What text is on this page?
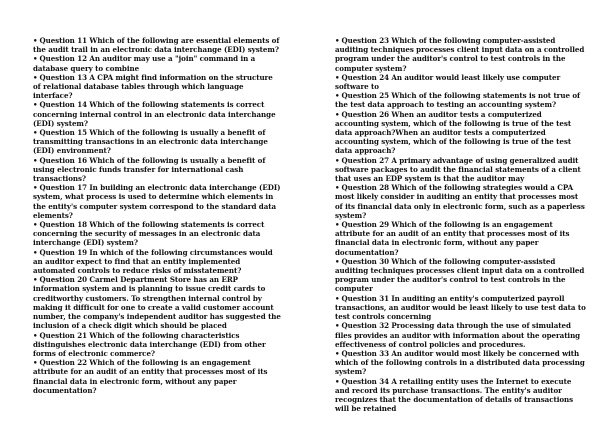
• Question 11 Which of the following are essential elements of the audit trail in an electronic data interchange (EDI) system?

• Question 12 An auditor may use a "join" command in a database query to combine

• Question 13 A CPA might find information on the structure of relational database tables through which language interface?

• Question 14 Which of the following statements is correct concerning internal control in an electronic data interchange (EDI) system?

• Question 15 Which of the following is usually a benefit of transmitting transactions in an electronic data interchange (EDI) environment?

• Question 16 Which of the following is usually a benefit of using electronic funds transfer for international cash transactions?

• Question 17 In building an electronic data interchange (EDI) system, what process is used to determine which elements in the entity's computer system correspond to the standard data elements?

• Question 18 Which of the following statements is correct concerning the security of messages in an electronic data interchange (EDI) system?

• Question 19 In which of the following circumstances would an auditor expect to find that an entity implemented automated controls to reduce risks of misstatement?

• Question 20 Carmel Department Store has an ERP information system and is planning to issue credit cards to creditworthy customers. To strengthen internal control by making it difficult for one to create a valid customer account number, the company's independent auditor has suggested the inclusion of a check digit which should be placed

• Question 21 Which of the following characteristics distinguishes electronic data interchange (EDI) from other forms of electronic commerce?

• Question 22 Which of the following is an engagement attribute for an audit of an entity that processes most of its financial data in electronic form, without any paper documentation?

• Question 23 Which of the following computer-assisted auditing techniques processes client input data on a controlled program under the auditor's control to test controls in the computer system?

• Question 24 An auditor would least likely use computer software to

• Question 25 Which of the following statements is not true of the test data approach to testing an accounting system?

• Question 26 When an auditor tests a computerized accounting system, which of the following is true of the test data approach?When an auditor tests a computerized accounting system, which of the following is true of the test data approach?

• Question 27 A primary advantage of using generalized audit software packages to audit the financial statements of a client that uses an EDP system is that the auditor may

• Question 28 Which of the following strategies would a CPA most likely consider in auditing an entity that processes most of its financial data only in electronic form, such as a paperless system?

• Question 29 Which of the following is an engagement attribute for an audit of an entity that processes most of its financial data in electronic form, without any paper documentation?

• Question 30 Which of the following computer-assisted auditing techniques processes client input data on a controlled program under the auditor's control to test controls in the computer

• Question 31 In auditing an entity's computerized payroll transactions, an auditor would be least likely to use test data to test controls concerning

• Question 32 Processing data through the use of simulated files provides an auditor with information about the operating effectiveness of control policies and procedures.

• Question 33 An auditor would most likely be concerned with which of the following controls in a distributed data processing system?

• Question 34 A retailing entity uses the Internet to execute and record its purchase transactions. The entity's auditor recognizes that the documentation of details of transactions will be retained
